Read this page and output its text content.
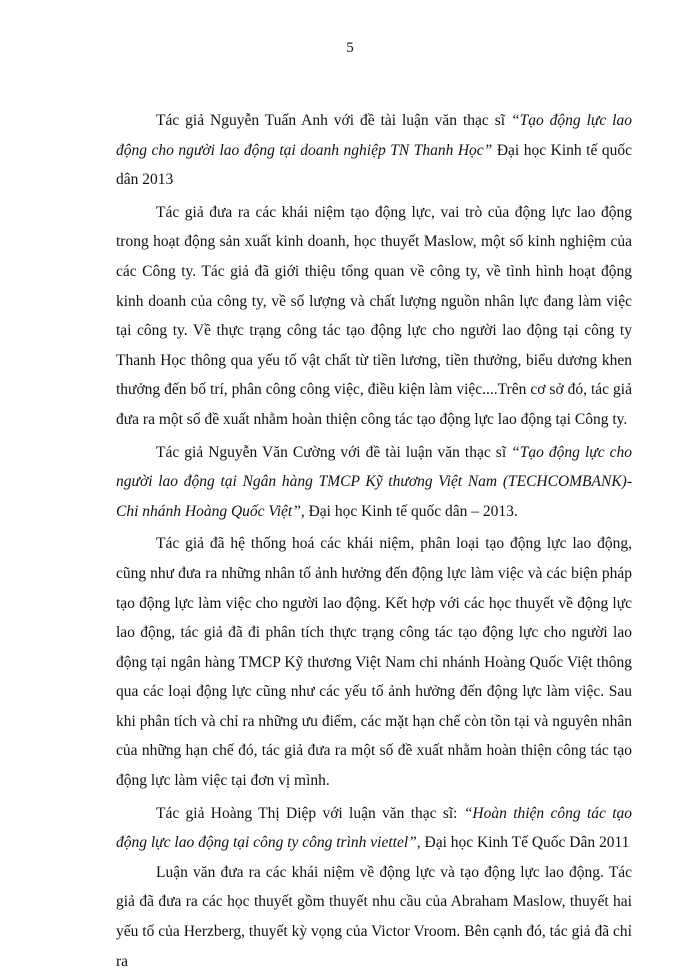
5

Tác giả Nguyễn Tuấn Anh với đề tài luận văn thạc sĩ “Tạo động lực lao động cho người lao động tại doanh nghiệp TN Thanh Học” Đại học Kinh tế quốc dân 2013

Tác giả đưa ra các khái niệm tạo động lực, vai trò của động lực lao động trong hoạt động sản xuất kinh doanh, học thuyết Maslow, một số kinh nghiệm của các Công ty. Tác giả đã giới thiệu tổng quan về công ty, về tình hình hoạt động kinh doanh của công ty, về số lượng và chất lượng nguồn nhân lực đang làm việc tại công ty. Về thực trạng công tác tạo động lực cho người lao động tại công ty Thanh Học thông qua yếu tố vật chất từ tiền lương, tiền thưởng, biểu dương khen thưởng đến bố trí, phân công công việc, điều kiện làm việc....Trên cơ sở đó, tác giả đưa ra một số đề xuất nhằm hoàn thiện công tác tạo động lực lao động tại Công ty.

Tác giả Nguyễn Văn Cường với đề tài luận văn thạc sĩ “Tạo động lực cho người lao động tại Ngân hàng TMCP Kỹ thương Việt Nam (TECHCOMBANK)- Chi nhánh Hoàng Quốc Việt”, Đại học Kinh tế quốc dân – 2013.

Tác giả đã hệ thống hoá các khái niệm, phân loại tạo động lực lao động, cũng như đưa ra những nhân tố ảnh hưởng đến động lực làm việc và các biện pháp tạo động lực làm việc cho người lao động. Kết hợp với các học thuyết về động lực lao động, tác giả đã đi phân tích thực trạng công tác tạo động lực cho người lao động tại ngân hàng TMCP Kỹ thương Việt Nam chi nhánh Hoàng Quốc Việt thông qua các loại động lực cũng như các yếu tố ảnh hưởng đến động lực làm việc. Sau khi phân tích và chỉ ra những ưu điểm, các mặt hạn chế còn tồn tại và nguyên nhân của những hạn chế đó, tác giả đưa ra một số đề xuất nhằm hoàn thiện công tác tạo động lực làm việc tại đơn vị mình.

Tác giả Hoàng Thị Diệp với luận văn thạc sĩ: “Hoàn thiện công tác tạo động lực lao động tại công ty công trình viettel”, Đại học Kinh Tế Quốc Dân 2011

Luận văn đưa ra các khái niệm về động lực và tạo động lực lao động. Tác giả đã đưa ra các học thuyết gồm thuyết nhu cầu của Abraham Maslow, thuyết hai yếu tố của Herzberg, thuyết kỳ vọng của Victor Vroom. Bên cạnh đó, tác giả đã chỉ ra
